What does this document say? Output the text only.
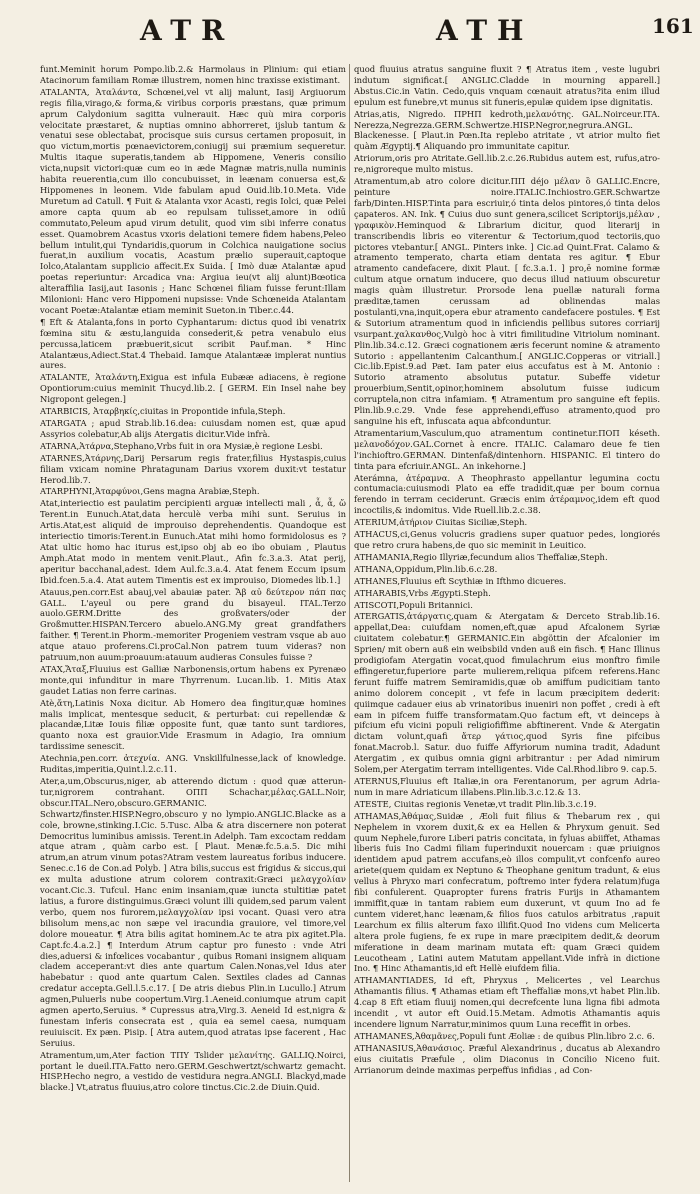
ATR	ATH	161

funt.Meminit horum Pompo.lib.2.& Harmolaus in Plinium: qui etiam Atacinorum familiam Romæ illustrem, nomen hinc traxisse existimant.

ATALANTA, Ἀταλάντα, Schœnei,vel vt alij malunt, Iasij Argiuorum regis filia,virago,& forma,& viribus corporis præstans, quæ primum aprum Calydonium sagitta vulnerauit. Hæc quù mira corporis velocitate præstaret, & nuptias omnino abhorreret, ijslub tantum & venatui sese oblectabat, procisque suis cursus certamen proposuit, in quo victum,mortis pœnaevictorem,coniugij sui præmium sequeretur. Multis itaque superatis,tandem ab Hippomene, Veneris consilio victa,nupsit victori:quæ cum eo in æde Magnæ matris,nulla numinis habita reuerentia,cum illo concubuisset, in leænam conuersa est,& Hippomenes in leonem. Vide fabulam apud Ouid.lib.10.Meta. Vide Muretum ad Catull. ¶ Fuit & Atalanta vxor Acasti, regis Iolci, quæ Pelei amore capta quum ab eo repulsam tulisset,amore in odiū commutato,Peleum apud virum detulit, quod vim sibi inferre conatus esset. Quamobrem Acastus vxoris delationi temere fidem habens,Peleo bellum intulit,qui Tyndaridis,quorum in Colchica nauigatione socius fuerat,in auxilium vocatis, Acastum prælio superauit,captoque Iolco,Atalantam supplicio affecit.Ex Suida. [ Imò duæ Atalantæ apud poetas reperiuntur: Arcadica vna: Argiua ieu(vt alij alunt)Bœotica alteraffilia Iasij,aut Iasonis ; Hanc Schœnei filiam fuisse ferunt:Illam Milonioni: Hanc vero Hippomeni nupsisse: Vnde Schœneida Atalantam vocant Poetæ:Atalantæ etiam meminit Sueton.in Tiber.c.44.

¶ Eft & Atalanta,fons in porto Cyphantarum: dictus quod ibi venatrix fœmina situ & æstu,languida consederit,& petra venabulo eius percussa,laticem præbuerit,sicut scribit Pauf.man. * Hinc Atalantæus,Adiect.Stat.4 Thebaid. Iamque Atalantææ implerat nuntius aures.

ATALANTE, Ἀταλάντη,Exigua est infula Eubææ adiacens, è regione Opontiorum:cuius meminit Thucyd.lib.2. [ GERM. Ein Insel nahe bey Nigropont gelegen.]

ATARBICIS, Ἀταρβηκίς,ciuitas in Propontide infula,Steph.

ATARGATA ; apud Strab.lib.16.dea: cuiusdam nomen est, quæ apud Assyrios colebatur,Ab alijs Atergatis dicitur.Vide infrà.

ATARNA,Ἀτάρνα,Stephano,Vrbs fuit in ora Mysiæ,è regione Lesbi.

ATARNES,Ἀτάρνης,Darij Persarum regis frater,filius Hystaspis,cuius filiam vxicam nomine Phratagunam Darius vxorem duxit:vt testatur Herod.lib.7.

ATARPHYNI,Ἀταρφύνοι,Gens magna Arabiæ,Steph.

Atat,interiectio est paulatim percipienti arguæ intellecti mali , ἆ, ἆ, ὤ Terent.in Eunuch.Atat,data herculè verba mihi sunt. Seruius in Artis.Atat,est aliquid de improuiso deprehendentis. Quandoque est interiectio timoris:Terent.in Eunuch.Atat mihi homo formidolosus es ? Atat ultic homo hac iturus est,ipso obj ab eo ibo obuiam , Plautus Amph.Atat modo in mentem venit.Plaut., Afin fc.3.a.3. Atat perij, aperitur bacchanal,adest. Idem Aul.fc.3.a.4. Atat fenem Eccum ipsum Ibid.fcen.5.a.4. Atat autem Timentis est ex improuiso, Diomedes lib.1.]

Atauus,pen.corr.Est abauj,vel abauiæ pater. Ἄβ αὐ δεύτερον πάπ πας GALL. L'ayeul ou pere grand du bisayeul. ITAL.Terzo auolo.GERM.Dritte des großvaters/oder der Großmutter.HISPAN.Tercero abuelo.ANG.My great grandfathers faither. ¶ Terent.in Phorm.-memoriter Progeniem vestram vsque ab auo atque atauo proferens.Ci.proCal.Non patrem tuum videras? non patruum,non auum:proauum:atauum audieras Consules fuisse ?

ATAX,Ἄταξ,Fluuius est Galliæ Narbonensis,ortum habens ex Pyrenæo monte,qui infunditur in mare Thyrrenum. Lucan.lib. 1. Mitis Atax gaudet Latias non ferre carinas.

Atè,ἄτη,Latinis Noxa dicitur. Ab Homero dea fingitur,quæ homines malis implicat, mentesque seducit, & perturbat: cui repellendæ & placandæ,Litæ Iouis filiæ opposite funt, quæ tanto sunt tardiores, quanto noxa est grauior.Vide Erasmum in Adagio, Ira omnium tardissime senescit.

Atechnia,pen.corr. ἀτεχνία. ANG. Vnskillfulnesse,lack of knowledge. Ruditas,imperitia,Quint.l.2.c.11.

Ater,a,um,Obscurus,niger, ab atterendo dictum : quod quæ atterun- tur,nigrorem contrahant. ΟΠΠ Schachar,μέλας.GALL.Noir, obscur.ITAL.Nero,obscuro.GERMANIC. Schwartz/finster.HISP.Negro,obscuro y no lympio.ANGLIC.Blacke as a cole, browne,stinking.I.Cic. 5.Tusc. Alba & atra discernere non poterat Democritus luminibus amissis. Terent.in Adelph. Tam excoctam reddam atque atram , quàm carbo est. [ Plaut. Menæ.fc.5.a.5. Dic mihi atrum,an atrum vinum potas?Atram vestem laureatus foribus inducere. Senec.c.16 de Con.ad Polyb. ] Atra bilis,succus est frigidus & siccus,qui ex multa adustione atrum colorem contraxit:Græci μελαγχολίαν vocant.Cic.3. Tufcul. Hanc enim insaniam,quæ iuncta stultitiæ patet latius, a furore distinguimus.Græci volunt illi quidem,sed parum valent verbo, quem nos furorem,μελαγχολίαν ipsi vocant. Quasi vero atra bilisolum mens,ac non sæpe vel iracundia grauiore, vel timore,vel dolore moueatur. ¶ Atra bilis agitat hominem.Ac te atra pix agitet.Pla. Capt.fc.4.a.2.] ¶ Interdum Atrum captur pro funesto : vnde Atri dies,aduersi & infœlices vocabantur , quibus Romani insignem aliquam cladem acceperant:vt dies ante quartum Calen.Nonas,vel Idus ater habebatur : quod ante quartum Calen. Sextiles clades ad Cannas credatur accepta.Gell.l.5.c.17. [ De atris diebus Plin.in Lucullo.] Atrum agmen,Puluerls nube coopertum.Virg.1.Aeneid.coniumque atrum capit agmen aperto,Seruius. * Cupressus atra,Virg.3. Aeneid Id est,nigra & funestam inferis consecrata est , quia ea semel caesa, numquam reuiuiscit. Ex pæn. Pisip. [ Atra autem,quod atratas ipse facerent , Hac Seruius.

Atramentum,um,Ater faction ΤΠΥ Tslider μελανίτης. GALLIQ.Noirci, portant le dueil.ITA.Fatto nero.GERM.Geschwertzt/schwartz gemacht. HISP.Hecho negro, a vestido de vestidura negra.ANGLI. Blackyd,made blacke.] Vt,atratus fluuius,atro colore tinctus.Cic.2.de Diuin.Quid.

quod fluuius atratus sanguine fluxit ? ¶ Atratus item , veste lugubri indutum significat.[ ANGLIC.Cladde in mourning apparell.] Abstus.Cic.in Vatin. Cedo,quis vnquam cœnauit atratus?ita enim illud epulum est funebre,vt munus sit funeris,epulæ quidem ipse dignitatis.

Atrias,atis, Nigredo. ΠΡΗΠ kedroth,μελανότης. GAL.Noirceur.ITA. Nerezza,Negrezza.GERM.Schwertze.HISP.Negror,negrura.ANGL. Blackenesse. [ Plaut.in Pœn.Ita replebo atritate , vt atrior multo fiet quàm Ægyptij.¶ Aliquando pro immunitate capitur.

Atriorum,oris pro Atritate.Gell.lib.2.c.26.Rubidus autem est, rufus,atro- re,nigroreque multo mistus.

Atramentum,ab atro colore dicitur.ΠΠ déjo μέλαν ὃ GALLIC.Encre, peinture noire.ITALIC.Inchiostro.GER.Schwartze farb/Dinten.HISP.Tinta para escriuir,ó tinta delos pintores,ó tinta delos çapateros. AN. Ink. ¶ Cuius duo sunt genera,scilicet Scriptorijs,μέλαν , γραφικὸν.Heminquod & Librarium dicitur, quod literarij in transcribendis libris eo viterentur & Tectorium,quod tectoriis,quo pictores vtebantur.[ ANGL. Pinters inke. ] Cic.ad Quint.Frat. Calamo & atramento temperato, charta etiam dentata res agitur. ¶ Ebur atramento candefacere, dixit Plaut. [ fc.3.a.1. ] pro,ē nomine formæ cultum atque ornatum inducere, quo decus illud natiuum obscuretur magis quàm illustretur. Prorsode lena puellæ naturali forma præditæ,tamen cerussam ad oblinendas malas postulanti,vna,inquit,opera ebur atramento candefacere postules. ¶ Est & Sutorium atramentum quod in inficiendis pellibus sutores corriarij vsurpant.χαλκανθος,Vulgò hoc à vitri fimilitudine Vitriolum nominant. Plin.lib.34.c.12. Græci cognationem æris fecerunt nomine & atramento Sutorio : appellantenim Calcanthum.[ ANGLIC.Copperas or vitriall.] Cic.lib.Epist.9.ad Pæt. Iam pater eius accufatus est à M. Antonio : Sutorio atramento absolutus putatur. Subeffe videtur prouerbium,Sentit,opinor,hominem absolutum fuisse iudicum corruptela,non citra infamiam. ¶ Atramentum pro sanguine eft fepiis. Plin.lib.9.c.29. Vnde fese apprehendi,effuso atramento,quod pro sanguine his eft, infuscata aqua abfconduntur.

Atramentarium,Vasculum,quo atramentum continetur.ΠΟΠ késeth. μελανοδόχον.GAL.Cornet à encre. ITALIC. Calamaro deue fe tien l'inchioftro.GERMAN. Dintenfaß/dintenhorn. HISPANIC. El tintero do tinta para efcriuir.ANGL. An inkehorne.]

Aterámna, ἀτέραμνα. A Theophrasto appellantur legumina coctu contumacia:cuiusmodi Plato ea effe tradidit,quæ per boum cornua ferendo in terram ceciderunt. Græcis enim ἀτέραμνος,idem eft quod incoctilis,& indomitus. Vide Ruell.lib.2.c.38.

ATERIUM,ἀτήριον Ciuitas Siciliæ,Steph.

ATHACUS,ci,Genus volucris gradiens super quatuor pedes, longiorés que retro crura habens,de quo sic meminit in Leuitico.

ATHAMANIA,Regio Illyriæ,fecundum alios Theffaliæ,Steph.

ATHANA,Oppidum,Plin.lib.6.c.28.

ATHANES,Fluuius eft Scythiæ in Ifthmo dicueres.

ATHARABIS,Vrbs Ægypti.Steph.

ATISCOTI,Populi Britannici.

ATERGATIS,ἀτάργατις,quam & Atergatam & Derceto Strab.lib.16. appellat,Dea: cuiufdam nomen,eft,quæ apud Afcalonem Syriæ ciuitatem colebatur.¶ GERMANIC.Ein abgöttin der Afcalonier im Sprien/ mit obern auß ein weibsbild vnden auß ein fisch. ¶ Hanc Illinus prodigiofam Atergatin vocat,quod fimulachrum eius monftro fimile effingeretur,fuperiore parte mulierem,reliqua pifcem referens.Hanc ferunt fuiffe matrem Semiramidis,quæ ob amiffum pudicitiam tanto animo dolorem concepit , vt fefe in lacum præcipitem dederit: quiimque cadauer eius ab vrinatoribus inueniri non poffet , credi à eft eam in pifcem fuiffe transformatam.Quo factum eft, vt deinceps à pifcium efu vicini populi religiofiffime abftinerent. Vnde & Atergatin dictam volunt,quafi ἄτερ γάτιος,quod Syris fine pifcibus fonat.Macrob.l. Satur. duo fuiffe Affyriorum numina tradit, Adadunt Atergatim , ex quibus omnia gigni arbitrantur : per Adad nimirum Solem,per Atergatim terram intelligentes. Vide Cal.Rhod.libro 9. cap.5.

ATERNUS,Fluuius eft Italiæ,in ora Ferentanorum, per agrum Adria- num in mare Adriaticum illabens.Plin.lib.3.c.12.& 13.

ATESTE, Ciuitas regionis Venetæ,vt tradit Plin.lib.3.c.19.

ATHAMAS,Ἀθάμας,Suidæ , Æoli fuit filius & Thebarum rex , qui Nephelem in vxorem duxit,& ex ea Hellen & Phryxum genuit. Sed quum Nephele,furore Liberi patris concitata, in fyluas abiiffet, Athamas liberis fuis Ino Cadmi filiam fuperinduxit nouercam : quæ priuignos identidem apud patrem accufans,eò illos compulit,vt confcenfo aureo ariete(quem quidam ex Neptuno & Theophane genitum tradunt, & eius vellus à Phryxo mari confecratum, poftremo inter fydera relatum)fuga fibi confulerent. Quapropter furens fratris Furijs in Athamantem immiffit,quæ in tantam rabiem eum duxerunt, vt quum Ino ad fe cuntem videret,hanc leænam,& filios fuos catulos arbitratus ,rapuit Learchum ex filiis alterum faxo illifit.Quod Ino videns cum Melicerta altera prole fugiens, fe ex rupe in mare præcipitem dedit,& deorum miferatione in deam marinam mutata eft: quam Græci quidem Leucotheam , Latini autem Matutam appellant.Vide infrà in dictione Ino. ¶ Hinc Athamantis,id eft Hellè eiufdem filia.

ATHAMANTIADES, Id eft, Phryxus , Melicertes , vel Learchus Athamantis filius. ¶ Athamas etiam eft Theffaliæ mons,vt habet Plin.lib. 4.cap 8 Eft etiam fluuij nomen,qui decrefcente luna ligna fibi admota incendit , vt autor eft Ouid.15.Metam. Admotis Athamantis aquis incendere lignum Narratur,minimos quum Luna receffit in orbes.

ATHAMANES,Ἀθαμᾶνες,Populi funt Æoliæ : de quibus Plin.libro 2.c. 6.

ATHANASIUS,Ἀθανάσιος. Præful Alexandrinus , ducatus ab Alexandro eius ciuitatis Præfule , olim Diaconus in Concilio Niceno fuit. Arrianorum deinde maximas perpeffus infidias , ad Con-
